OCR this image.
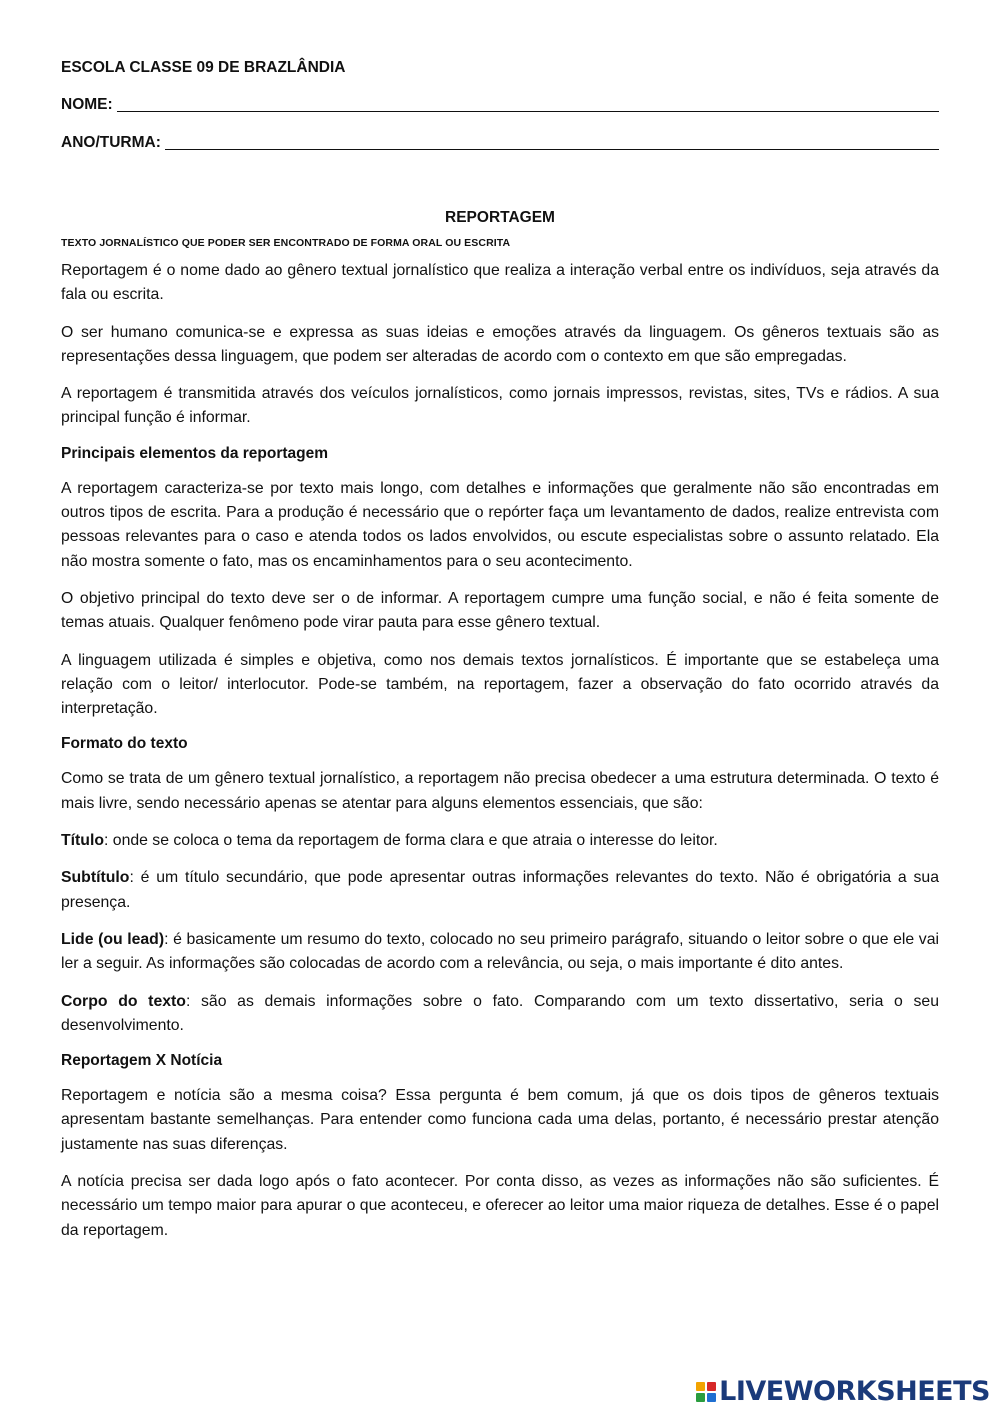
ESCOLA CLASSE 09 DE BRAZLÂNDIA
NOME:
ANO/TURMA:
REPORTAGEM
TEXTO JORNALÍSTICO QUE PODER SER ENCONTRADO DE FORMA ORAL OU ESCRITA

Reportagem é o nome dado ao gênero textual jornalístico que realiza a interação verbal entre os indivíduos, seja através da fala ou escrita.

O ser humano comunica-se e expressa as suas ideias e emoções através da linguagem. Os gêneros textuais são as representações dessa linguagem, que podem ser alteradas de acordo com o contexto em que são empregadas.

A reportagem é transmitida através dos veículos jornalísticos, como jornais impressos, revistas, sites, TVs e rádios. A sua principal função é informar.

Principais elementos da reportagem

A reportagem caracteriza-se por texto mais longo, com detalhes e informações que geralmente não são encontradas em outros tipos de escrita. Para a produção é necessário que o repórter faça um levantamento de dados, realize entrevista com pessoas relevantes para o caso e atenda todos os lados envolvidos, ou escute especialistas sobre o assunto relatado. Ela não mostra somente o fato, mas os encaminhamentos para o seu acontecimento.

O objetivo principal do texto deve ser o de informar. A reportagem cumpre uma função social, e não é feita somente de temas atuais. Qualquer fenômeno pode virar pauta para esse gênero textual.

A linguagem utilizada é simples e objetiva, como nos demais textos jornalísticos. É importante que se estabeleça uma relação com o leitor/ interlocutor. Pode-se também, na reportagem, fazer a observação do fato ocorrido através da interpretação.

Formato do texto

Como se trata de um gênero textual jornalístico, a reportagem não precisa obedecer a uma estrutura determinada. O texto é mais livre, sendo necessário apenas se atentar para alguns elementos essenciais, que são:

Título: onde se coloca o tema da reportagem de forma clara e que atraia o interesse do leitor.

Subtítulo: é um título secundário, que pode apresentar outras informações relevantes do texto. Não é obrigatória a sua presença.

Lide (ou lead): é basicamente um resumo do texto, colocado no seu primeiro parágrafo, situando o leitor sobre o que ele vai ler a seguir. As informações são colocadas de acordo com a relevância, ou seja, o mais importante é dito antes.

Corpo do texto: são as demais informações sobre o fato. Comparando com um texto dissertativo, seria o seu desenvolvimento.

Reportagem X Notícia

Reportagem e notícia são a mesma coisa? Essa pergunta é bem comum, já que os dois tipos de gêneros textuais apresentam bastante semelhanças. Para entender como funciona cada uma delas, portanto, é necessário prestar atenção justamente nas suas diferenças.

A notícia precisa ser dada logo após o fato acontecer. Por conta disso, as vezes as informações não são suficientes. É necessário um tempo maior para apurar o que aconteceu, e oferecer ao leitor uma maior riqueza de detalhes. Esse é o papel da reportagem.

LIVEWORKSHEETS
